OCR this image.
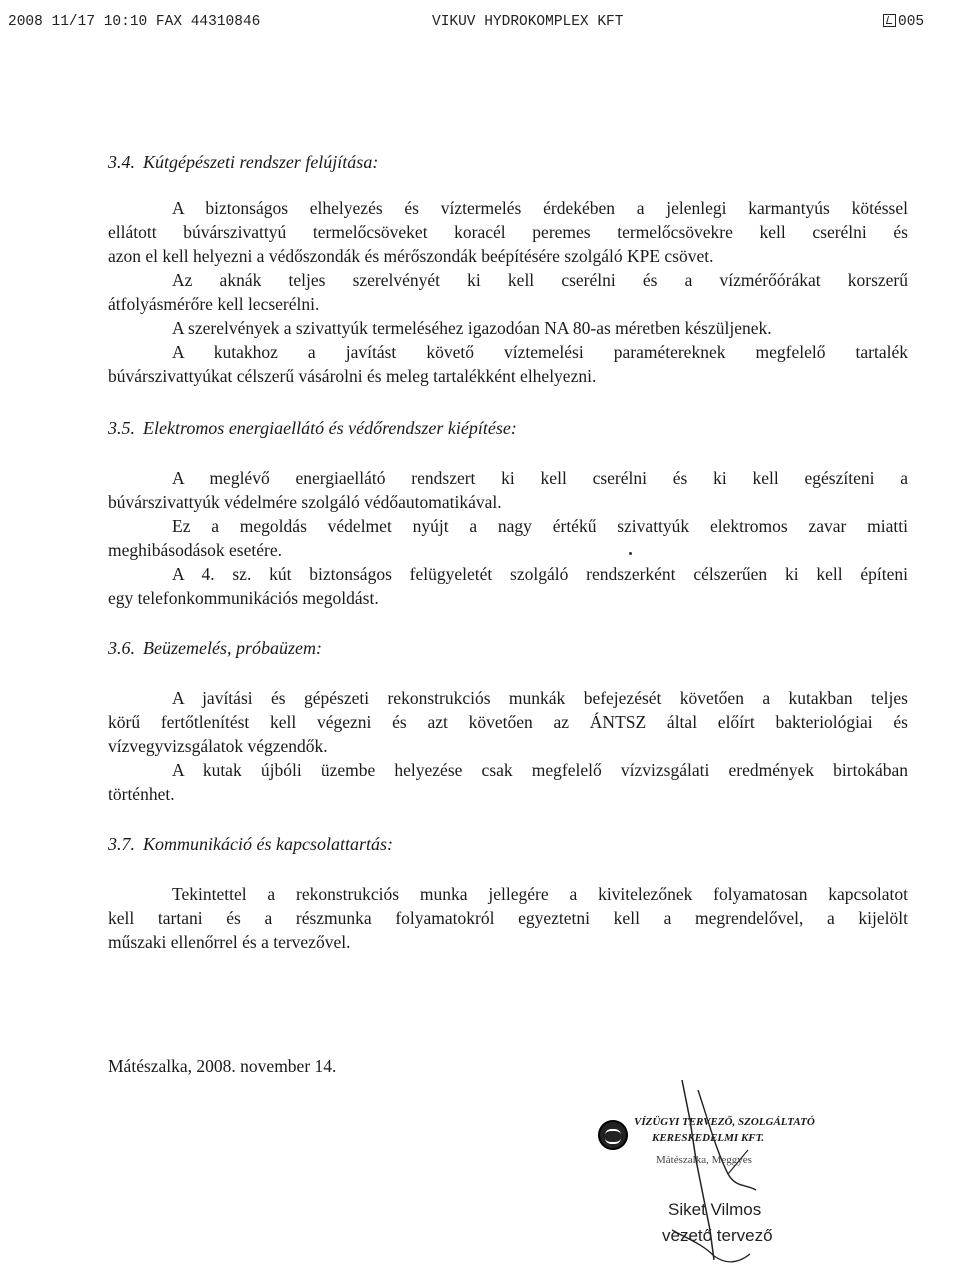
2008 11/17 10:10 FAX 44310846	VIKUV HYDROKOMPLEX KFT	005
3.4. Kútgépészeti rendszer felújítása:

A biztonságos elhelyezés és víztermelés érdekében a jelenlegi karmantyús kötéssel

ellátott búvárszivattyú termelőcsöveket koracél peremes termelőcsövekre kell cserélni és

azon el kell helyezni a védőszondák és mérőszondák beépítésére szolgáló KPE csövet.

Az aknák teljes szerelvényét ki kell cserélni és a vízmérőórákat korszerű

átfolyásmérőre kell lecserélni.

A szerelvények a szivattyúk termeléséhez igazodóan NA 80-as méretben készüljenek.

A kutakhoz a javítást követő víztemelési paramétereknek megfelelő tartalék

búvárszivattyúkat célszerű vásárolni és meleg tartalékként elhelyezni.

3.5. Elektromos energiaellátó és védőrendszer kiépítése:

A meglévő energiaellátó rendszert ki kell cserélni és ki kell egészíteni a

búvárszivattyúk védelmére szolgáló védőautomatikával.

Ez a megoldás védelmet nyújt a nagy értékű szivattyúk elektromos zavar miatti

meghibásodások esetére.

A 4. sz. kút biztonságos felügyeletét szolgáló rendszerként célszerűen ki kell építeni

egy telefonkommunikációs megoldást.

3.6. Beüzemelés, próbaüzem:

A javítási és gépészeti rekonstrukciós munkák befejezését követően a kutakban teljes

körű fertőtlenítést kell végezni és azt követően az ÁNTSZ által előírt bakteriológiai és

vízvegyvizsgálatok végzendők.

A kutak újbóli üzembe helyezése csak megfelelő vízvizsgálati eredmények birtokában

történhet.

3.7. Kommunikáció és kapcsolattartás:

Tekintettel a rekonstrukciós munka jellegére a kivitelezőnek folyamatosan kapcsolatot

kell tartani és a részmunka folyamatokról egyeztetni kell a megrendelővel, a kijelölt

műszaki ellenőrrel és a tervezővel.

Mátészalka, 2008. november 14.
VÍZÜGYI TERVEZŐ, SZOLGÁLTATÓ
KERESKEDELMI KFT.
Mátészalka, Meggyes
Siket Vilmos
vezető tervező
